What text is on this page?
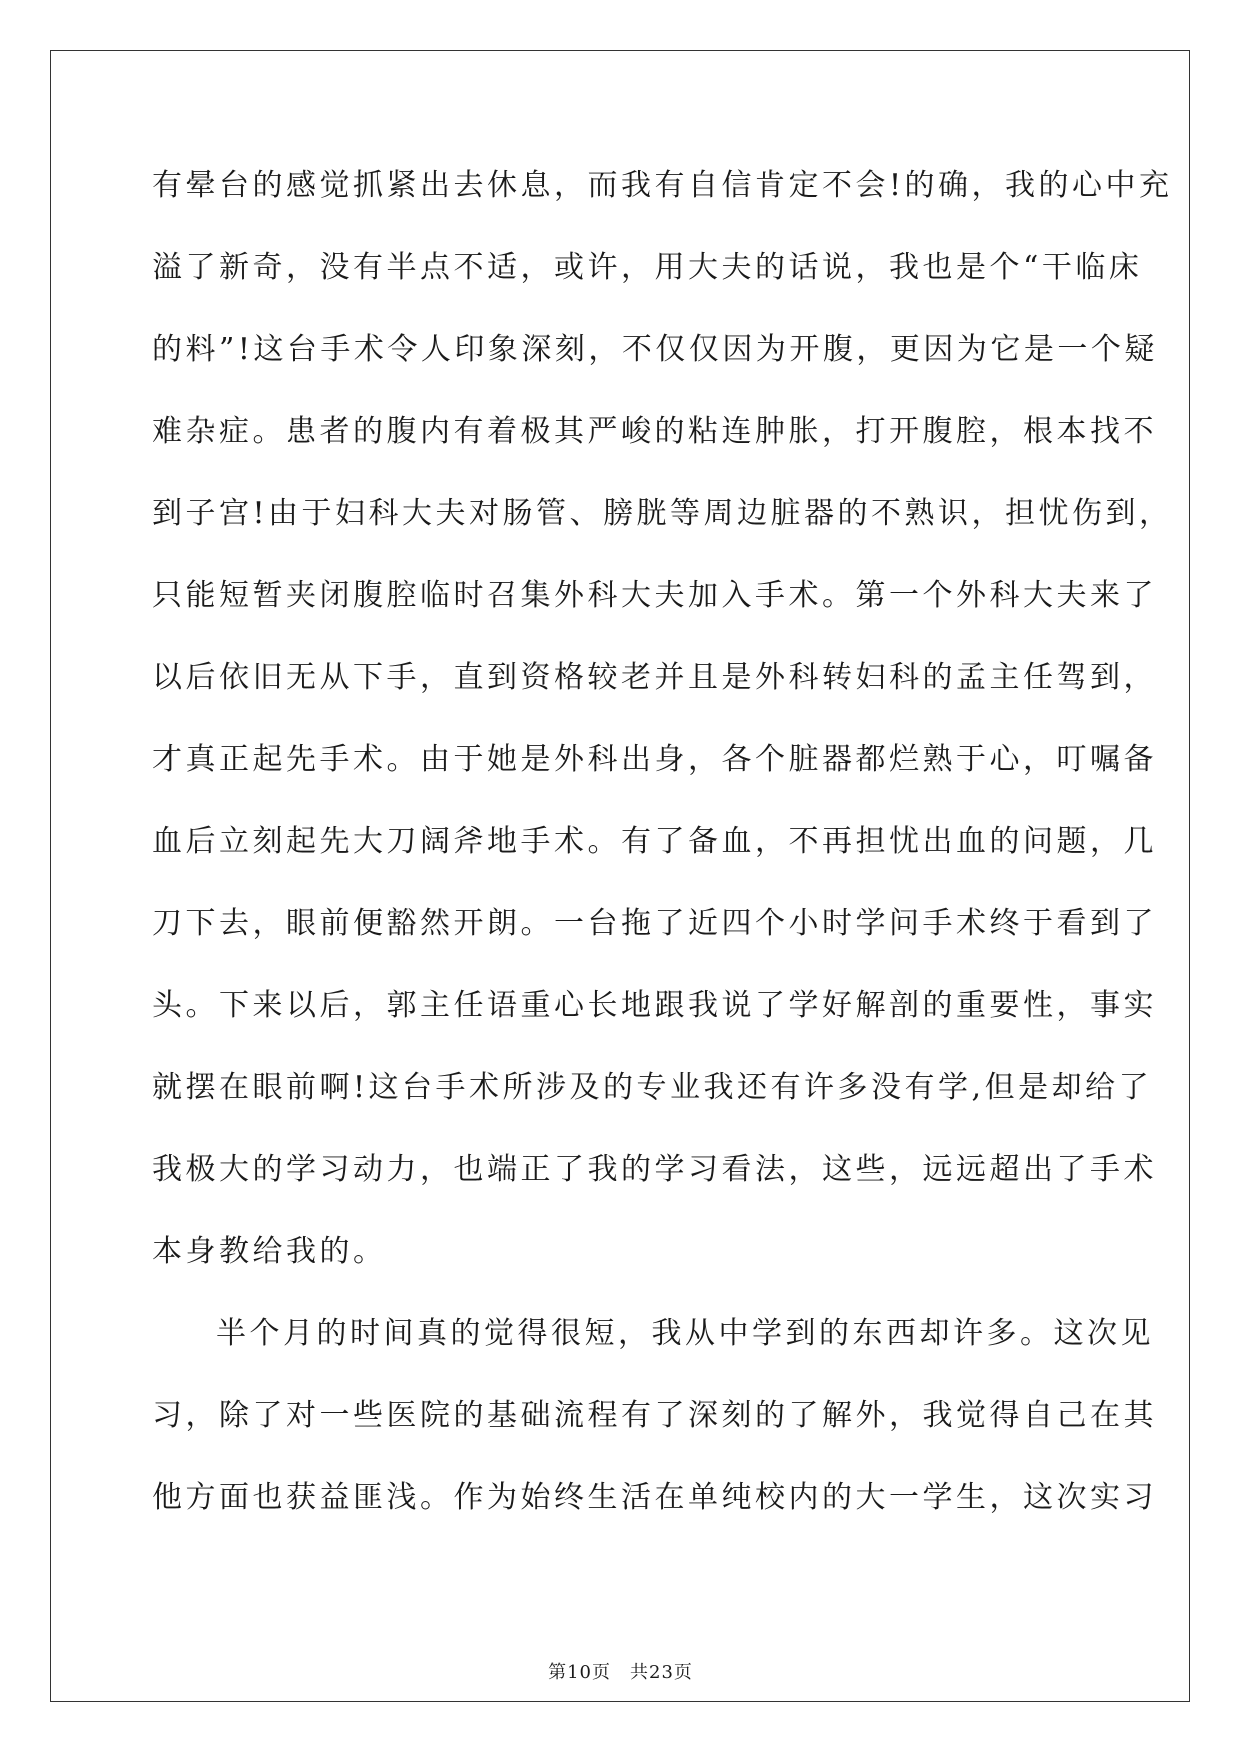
有晕台的感觉抓紧出去休息，而我有自信肯定不会!的确，我的心中充
溢了新奇，没有半点不适，或许，用大夫的话说，我也是个“干临床
的料”!这台手术令人印象深刻，不仅仅因为开腹，更因为它是一个疑
难杂症。患者的腹内有着极其严峻的粘连肿胀，打开腹腔，根本找不
到子宫!由于妇科大夫对肠管、膀胱等周边脏器的不熟识，担忧伤到，
只能短暂夹闭腹腔临时召集外科大夫加入手术。第一个外科大夫来了
以后依旧无从下手，直到资格较老并且是外科转妇科的孟主任驾到，
才真正起先手术。由于她是外科出身，各个脏器都烂熟于心，叮嘱备
血后立刻起先大刀阔斧地手术。有了备血，不再担忧出血的问题，几
刀下去，眼前便豁然开朗。一台拖了近四个小时学问手术终于看到了
头。下来以后，郭主任语重心长地跟我说了学好解剖的重要性，事实
就摆在眼前啊!这台手术所涉及的专业我还有许多没有学,但是却给了
我极大的学习动力，也端正了我的学习看法，这些，远远超出了手术
本身教给我的。
半个月的时间真的觉得很短，我从中学到的东西却许多。这次见
习，除了对一些医院的基础流程有了深刻的了解外，我觉得自己在其
他方面也获益匪浅。作为始终生活在单纯校内的大一学生，这次实习
第10页　共23页
